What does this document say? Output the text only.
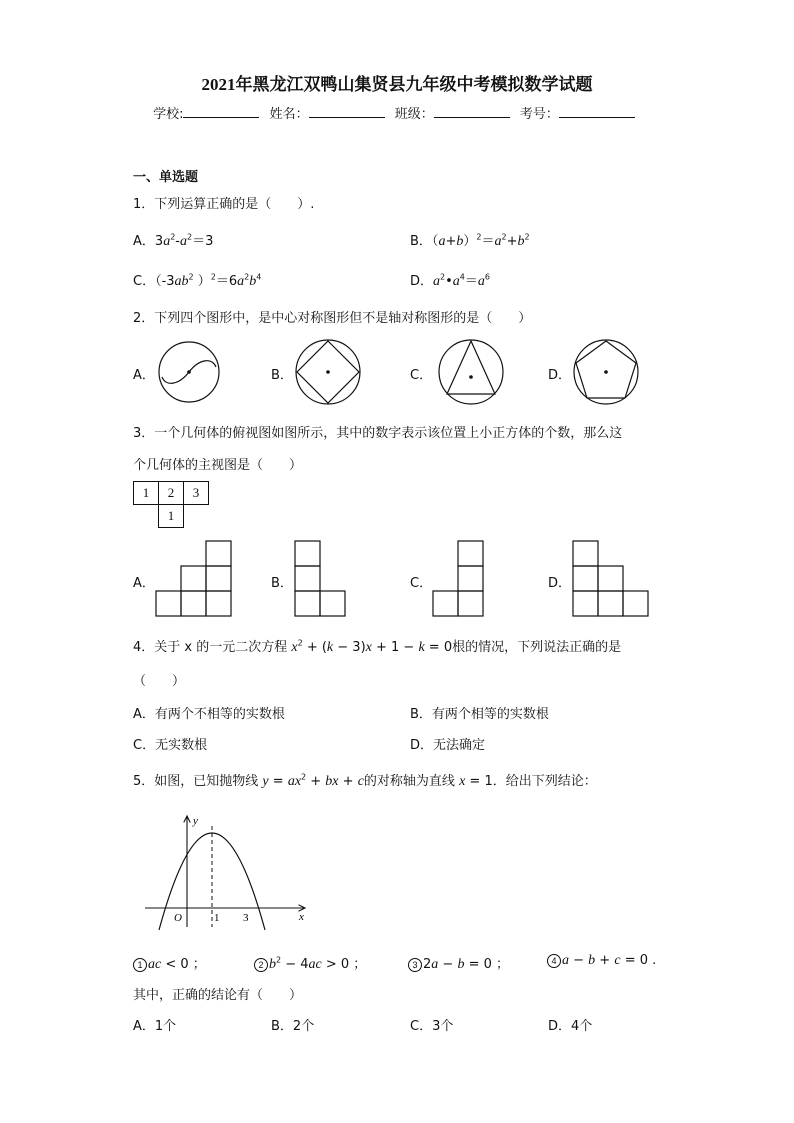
2021年黑龙江双鸭山集贤县九年级中考模拟数学试题
学校:	姓名：	班级：	考号：
一、单选题
1．下列运算正确的是（　　）.
A．$3a^2-a^2=3$	B．$(a+b)^2=a^2+b^2$
C．（$-3ab^2$ ）$^2=6a^2b^4$	D．$a^2•a^4=a^6$
2．下列四个图形中，是中心对称图形但不是轴对称图形的是（　　）
A．	B．	C．	D．
3．一个几何体的俯视图如图所示，其中的数字表示该位置上小正方体的个数，那么这
个几何体的主视图是（　　）
1	2	3
	1	
A．	B．	C．	D．
4．关于 x 的一元二次方程 $x^2 + (k - 3)x + 1 - k = 0$根的情况，下列说法正确的是
（　　）
A．有两个不相等的实数根	B．有两个相等的实数根
C．无实数根	D．无法确定
5．如图，已知抛物线 $y = ax^2$ + bx + c的对称轴为直线 x = 1．给出下列结论：
y
x
O	1 3
1 ac < 0 ；	2 $b^2 - 4ac > 0$ ；	3 2a − b = 0 ；	4 a − b + c = 0 .
其中，正确的结论有（　　）
A．1个	B．2个	C．3个	D．4个
